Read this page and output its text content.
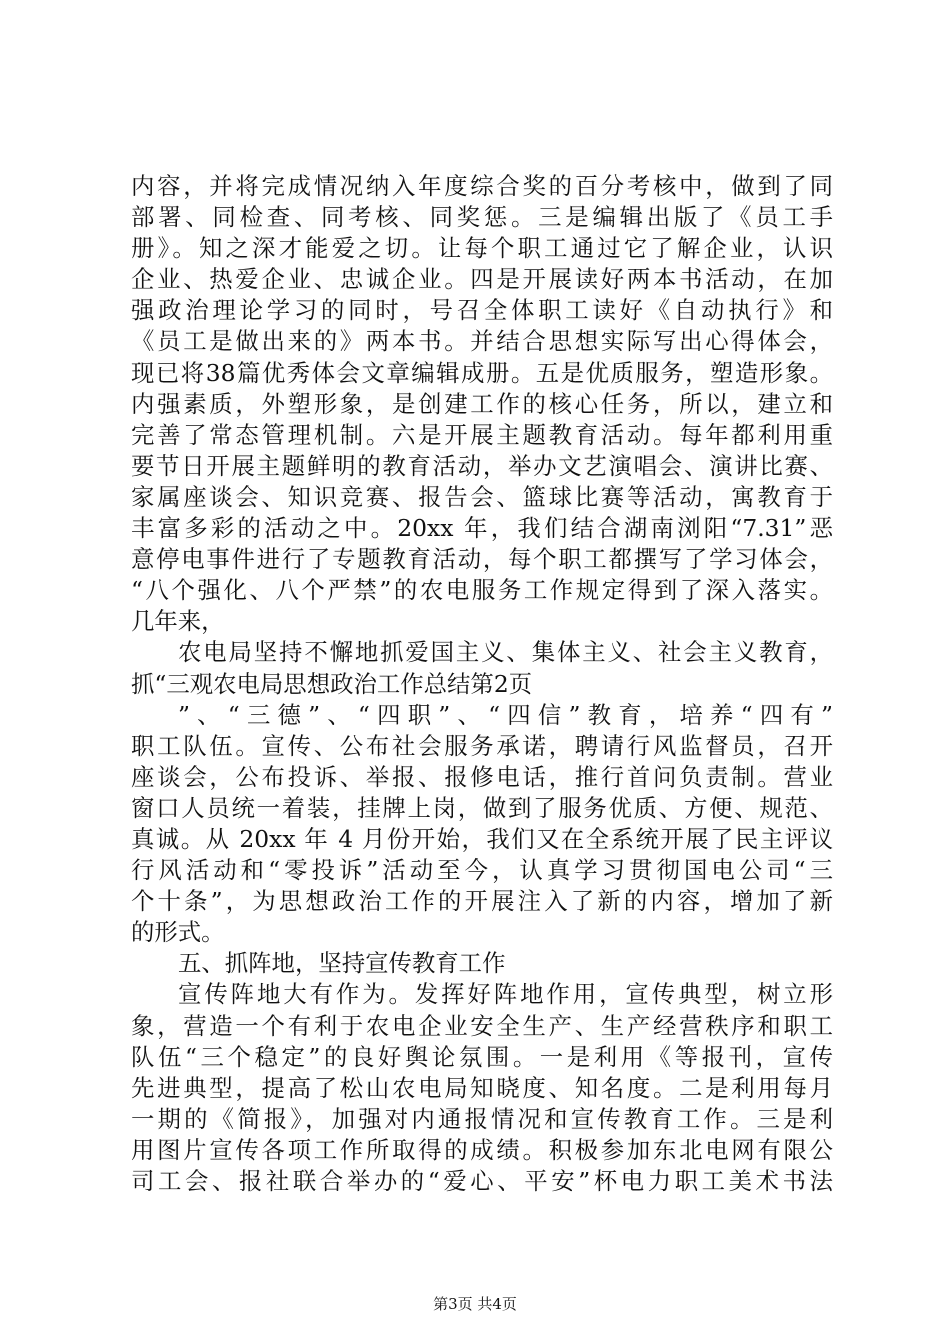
内容，并将完成情况纳入年度综合奖的百分考核中，做到了同
部署、同检查、同考核、同奖惩。三是编辑出版了《员工手
册》。知之深才能爱之切。让每个职工通过它了解企业，认识
企业、热爱企业、忠诚企业。四是开展读好两本书活动，在加
强政治理论学习的同时，号召全体职工读好《自动执行》和
《员工是做出来的》两本书。并结合思想实际写出心得体会，
现已将38篇优秀体会文章编辑成册。五是优质服务，塑造形象。
内强素质，外塑形象，是创建工作的核心任务，所以，建立和
完善了常态管理机制。六是开展主题教育活动。每年都利用重
要节日开展主题鲜明的教育活动，举办文艺演唱会、演讲比赛、
家属座谈会、知识竞赛、报告会、篮球比赛等活动，寓教育于
丰富多彩的活动之中。20xx 年，我们结合湖南浏阳“7.31”恶
意停电事件进行了专题教育活动，每个职工都撰写了学习体会，
“八个强化、八个严禁”的农电服务工作规定得到了深入落实。
几年来，
农电局坚持不懈地抓爱国主义、集体主义、社会主义教育，
抓“三观农电局思想政治工作总结第2页
”、“三德”、“四职”、“四信”教育，培养“四有”
职工队伍。宣传、公布社会服务承诺，聘请行风监督员，召开
座谈会，公布投诉、举报、报修电话，推行首问负责制。营业
窗口人员统一着装，挂牌上岗，做到了服务优质、方便、规范、
真诚。从 20xx 年 4 月份开始，我们又在全系统开展了民主评议
行风活动和“零投诉”活动至今，认真学习贯彻国电公司“三
个十条”，为思想政治工作的开展注入了新的内容，增加了新
的形式。
五、抓阵地，坚持宣传教育工作
宣传阵地大有作为。发挥好阵地作用，宣传典型，树立形
象，营造一个有利于农电企业安全生产、生产经营秩序和职工
队伍“三个稳定”的良好舆论氛围。一是利用《等报刊，宣传
先进典型，提高了松山农电局知晓度、知名度。二是利用每月
一期的《简报》，加强对内通报情况和宣传教育工作。三是利
用图片宣传各项工作所取得的成绩。积极参加东北电网有限公
司工会、报社联合举办的“爱心、平安”杯电力职工美术书法
第3页 共4页
